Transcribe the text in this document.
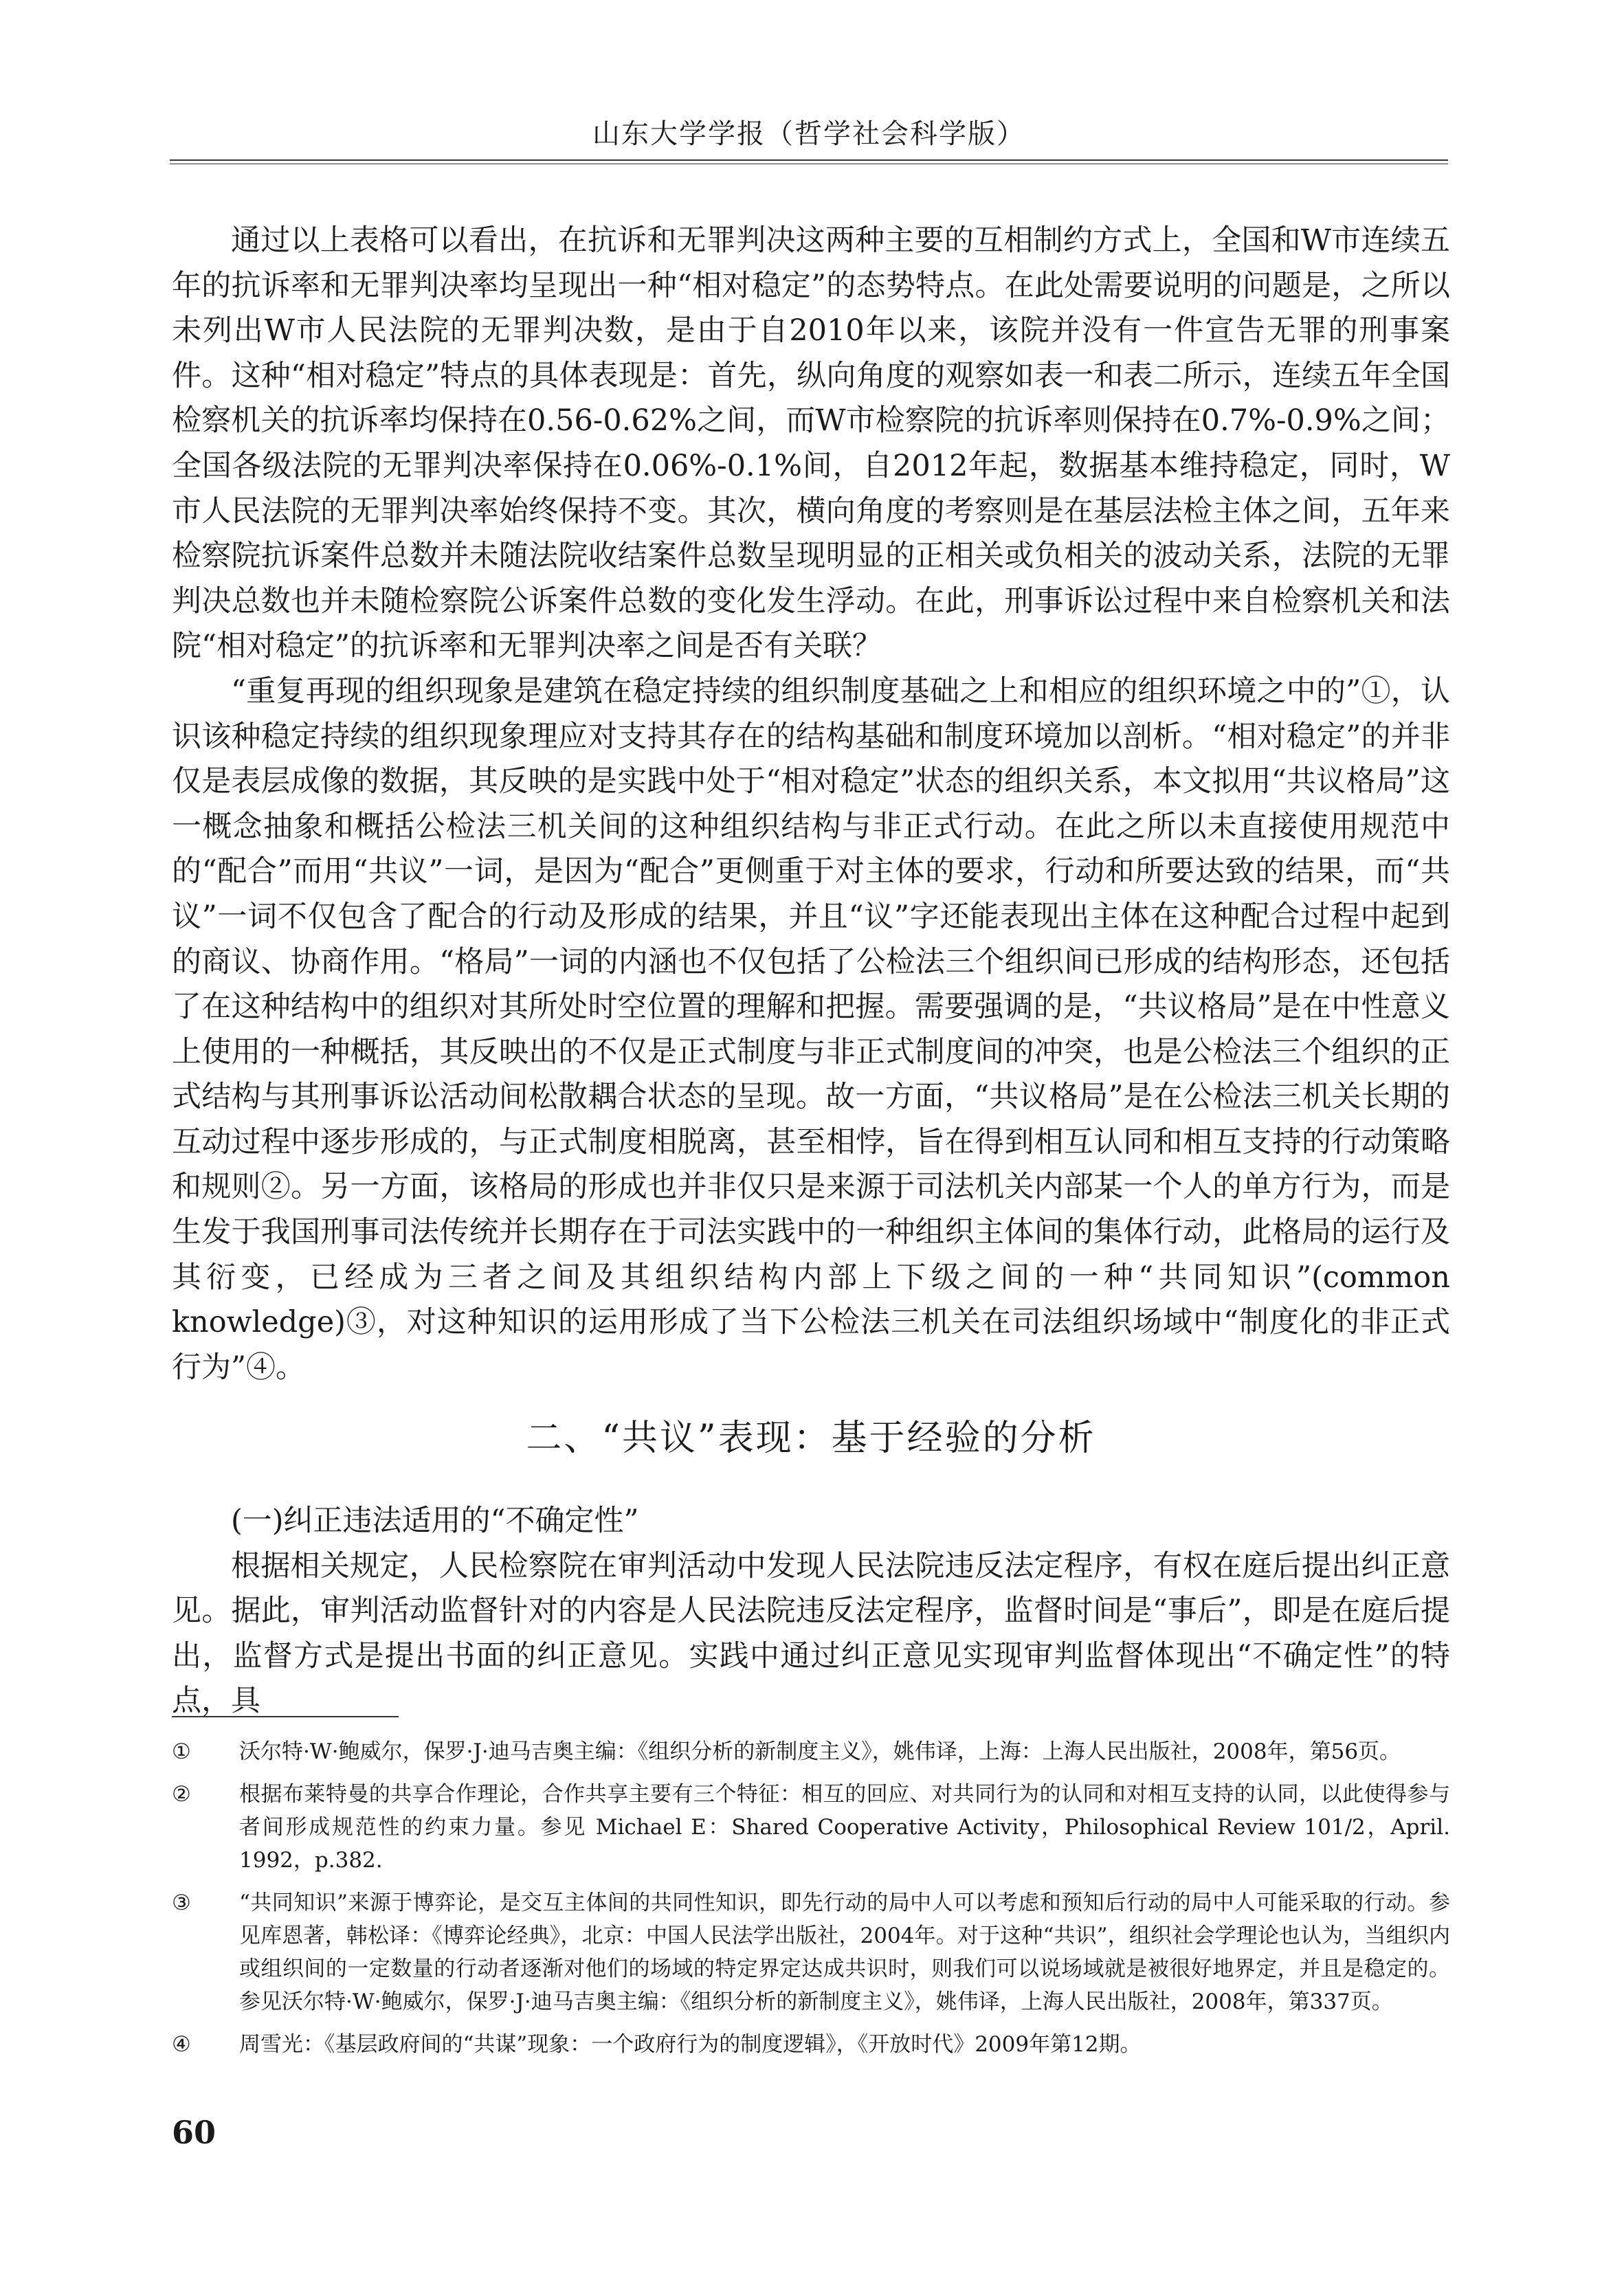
山东大学学报（哲学社会科学版）

通过以上表格可以看出，在抗诉和无罪判决这两种主要的互相制约方式上，全国和W市连续五年的抗诉率和无罪判决率均呈现出一种“相对稳定”的态势特点。在此处需要说明的问题是，之所以未列出W市人民法院的无罪判决数，是由于自2010年以来，该院并没有一件宣告无罪的刑事案件。这种“相对稳定”特点的具体表现是：首先，纵向角度的观察如表一和表二所示，连续五年全国检察机关的抗诉率均保持在0.56-0.62%之间，而W市检察院的抗诉率则保持在0.7%-0.9%之间；全国各级法院的无罪判决率保持在0.06%-0.1%间，自2012年起，数据基本维持稳定，同时，W市人民法院的无罪判决率始终保持不变。其次，横向角度的考察则是在基层法检主体之间，五年来检察院抗诉案件总数并未随法院收结案件总数呈现明显的正相关或负相关的波动关系，法院的无罪判决总数也并未随检察院公诉案件总数的变化发生浮动。在此，刑事诉讼过程中来自检察机关和法院“相对稳定”的抗诉率和无罪判决率之间是否有关联？

“重复再现的组织现象是建筑在稳定持续的组织制度基础之上和相应的组织环境之中的”①，认识该种稳定持续的组织现象理应对支持其存在的结构基础和制度环境加以剖析。“相对稳定”的并非仅是表层成像的数据，其反映的是实践中处于“相对稳定”状态的组织关系，本文拟用“共议格局”这一概念抽象和概括公检法三机关间的这种组织结构与非正式行动。在此之所以未直接使用规范中的“配合”而用“共议”一词，是因为“配合”更侧重于对主体的要求，行动和所要达致的结果，而“共议”一词不仅包含了配合的行动及形成的结果，并且“议”字还能表现出主体在这种配合过程中起到的商议、协商作用。“格局”一词的内涵也不仅包括了公检法三个组织间已形成的结构形态，还包括了在这种结构中的组织对其所处时空位置的理解和把握。需要强调的是，“共议格局”是在中性意义上使用的一种概括，其反映出的不仅是正式制度与非正式制度间的冲突，也是公检法三个组织的正式结构与其刑事诉讼活动间松散耦合状态的呈现。故一方面，“共议格局”是在公检法三机关长期的互动过程中逐步形成的，与正式制度相脱离，甚至相悖，旨在得到相互认同和相互支持的行动策略和规则②。另一方面，该格局的形成也并非仅只是来源于司法机关内部某一个人的单方行为，而是生发于我国刑事司法传统并长期存在于司法实践中的一种组织主体间的集体行动，此格局的运行及其衍变，已经成为三者之间及其组织结构内部上下级之间的一种“共同知识”(common knowledge)③，对这种知识的运用形成了当下公检法三机关在司法组织场域中“制度化的非正式行为”④。

二、“共议”表现：基于经验的分析

(一)纠正违法适用的“不确定性”

根据相关规定，人民检察院在审判活动中发现人民法院违反法定程序，有权在庭后提出纠正意见。据此，审判活动监督针对的内容是人民法院违反法定程序，监督时间是“事后”，即是在庭后提出，监督方式是提出书面的纠正意见。实践中通过纠正意见实现审判监督体现出“不确定性”的特点，具

①	沃尔特·W·鲍威尔，保罗·J·迪马吉奥主编：《组织分析的新制度主义》，姚伟译，上海：上海人民出版社，2008年，第56页。
②	根据布莱特曼的共享合作理论，合作共享主要有三个特征：相互的回应、对共同行为的认同和对相互支持的认同，以此使得参与者间形成规范性的约束力量。参见 Michael E：Shared Cooperative Activity，Philosophical Review 101/2，April. 1992，p.382.
③	“共同知识”来源于博弈论，是交互主体间的共同性知识，即先行动的局中人可以考虑和预知后行动的局中人可能采取的行动。参见库恩著，韩松译：《博弈论经典》，北京：中国人民法学出版社，2004年。对于这种“共识”，组织社会学理论也认为，当组织内或组织间的一定数量的行动者逐渐对他们的场域的特定界定达成共识时，则我们可以说场域就是被很好地界定，并且是稳定的。参见沃尔特·W·鲍威尔，保罗·J·迪马吉奥主编：《组织分析的新制度主义》，姚伟译，上海人民出版社，2008年，第337页。
④	周雪光：《基层政府间的“共谋”现象：一个政府行为的制度逻辑》，《开放时代》2009年第12期。
60
